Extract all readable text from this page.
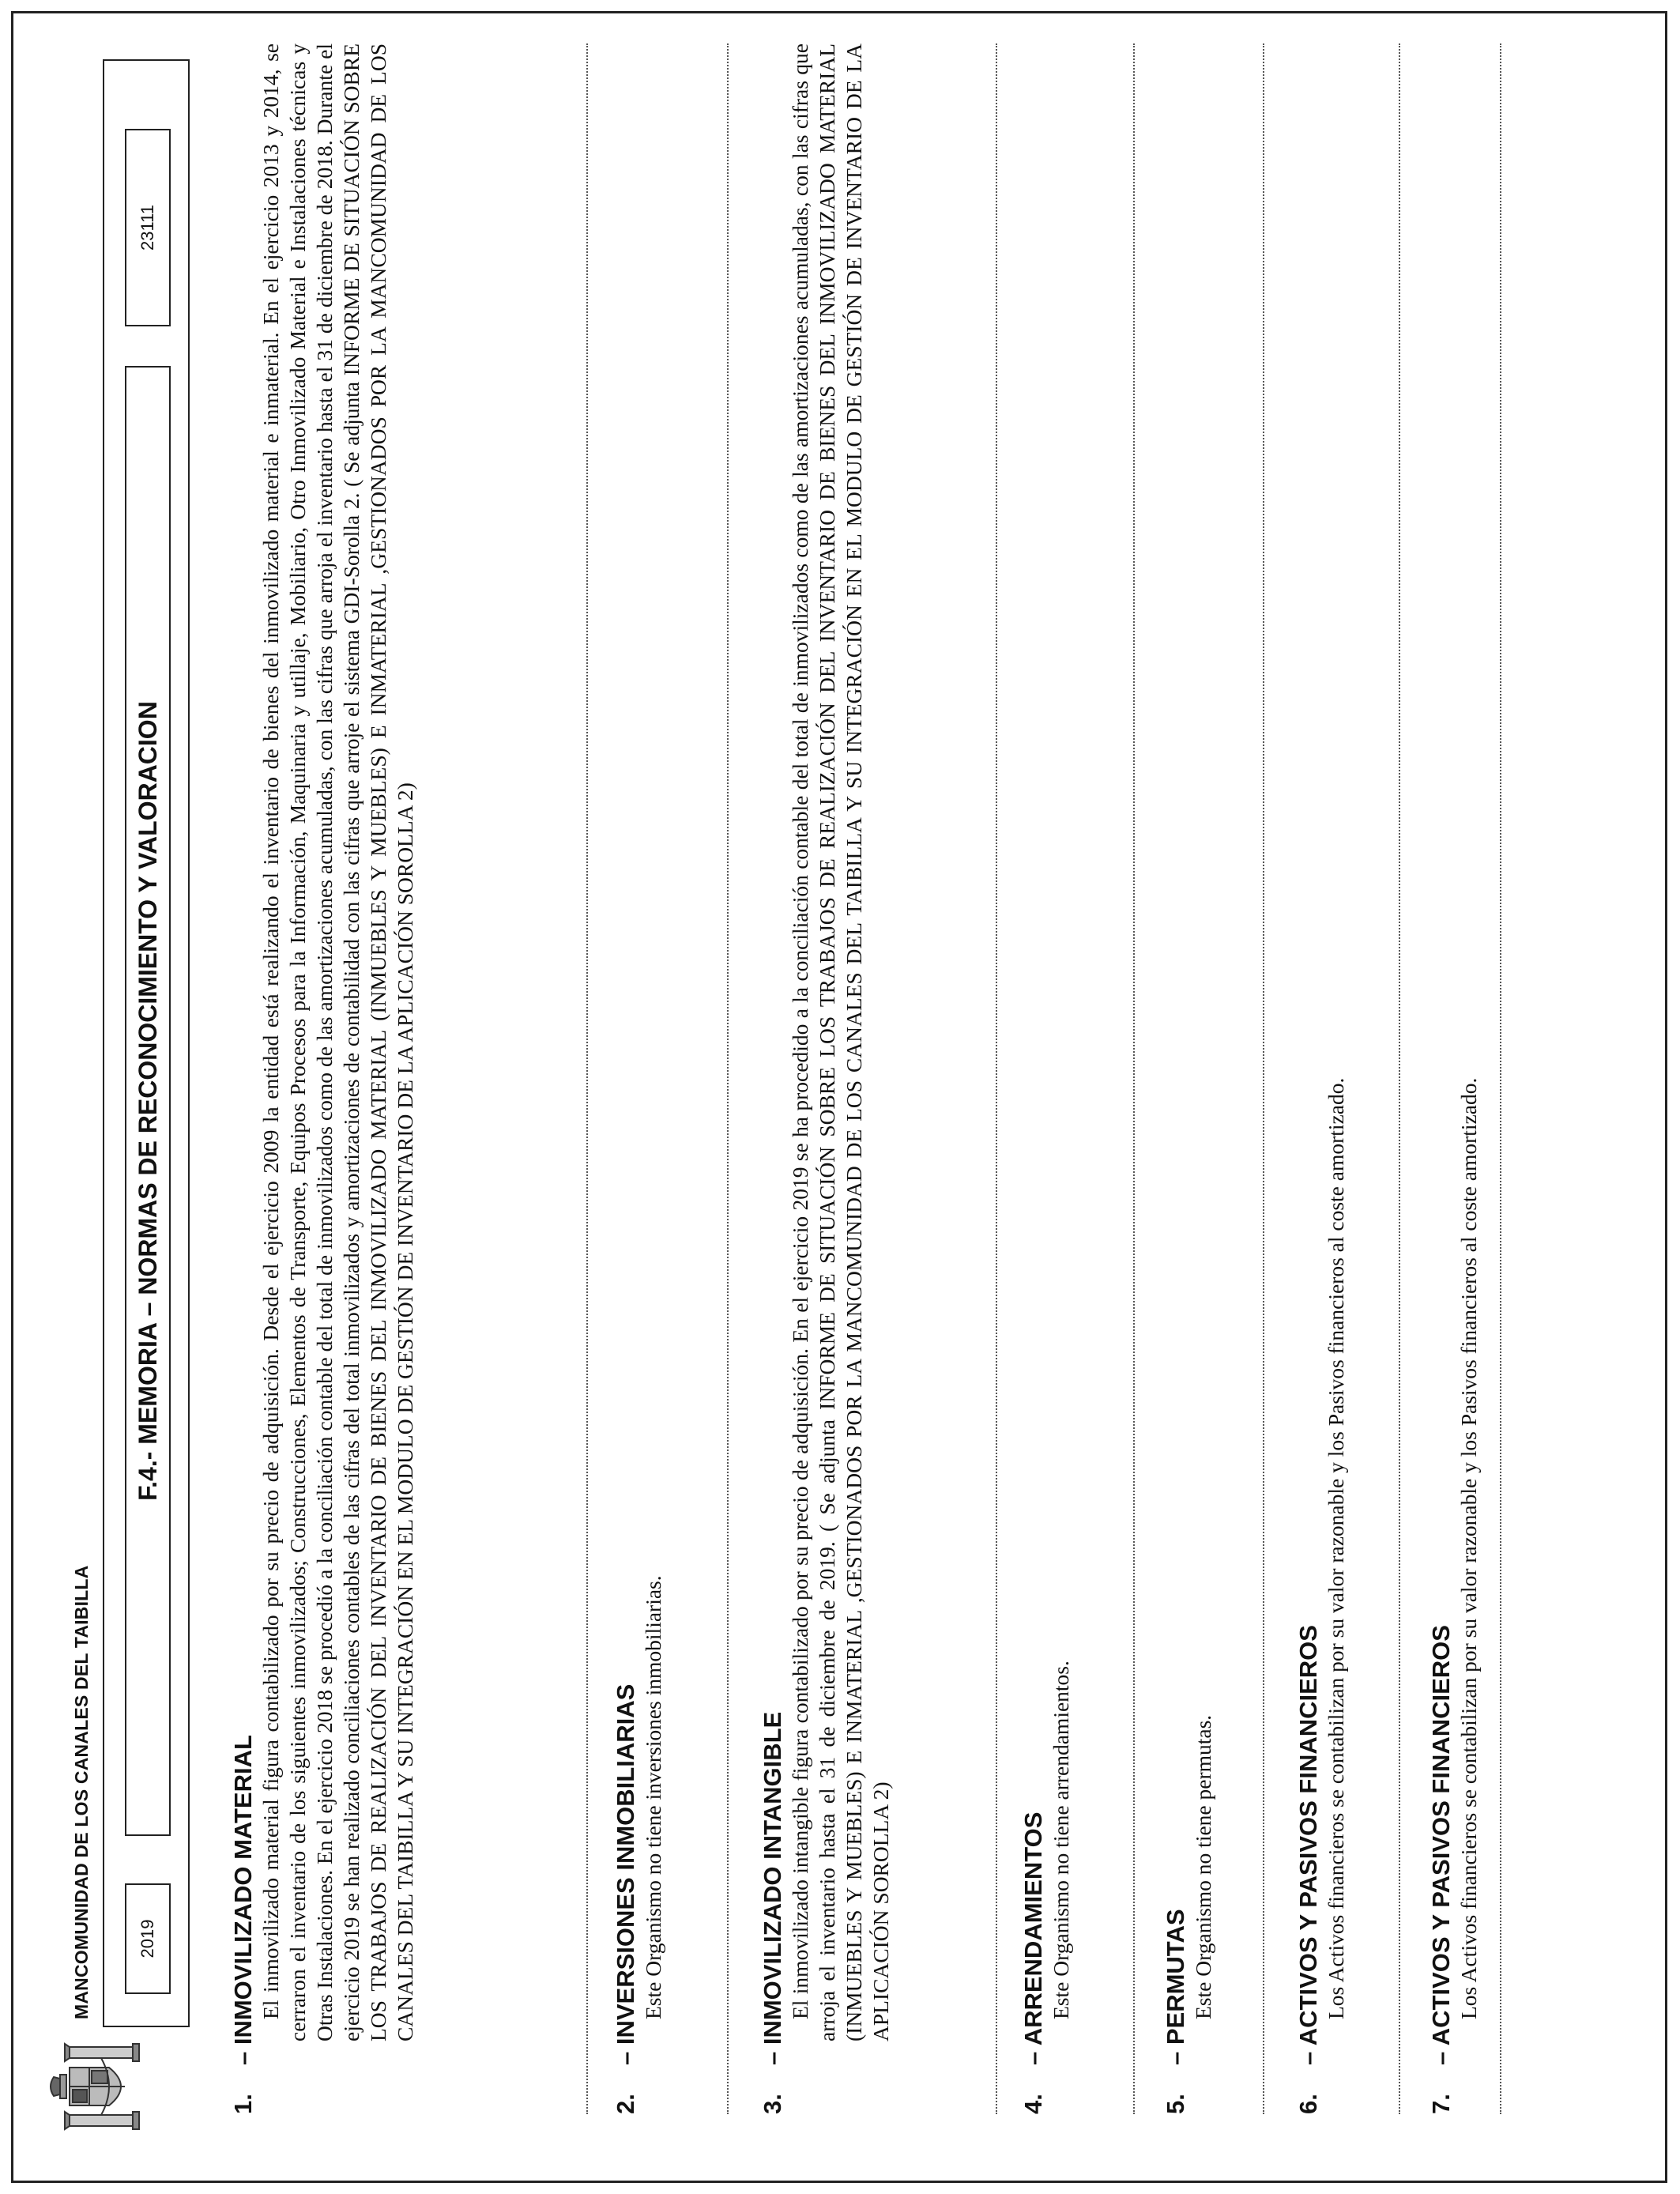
MANCOMUNIDAD DE LOS CANALES DEL TAIBILLA	2019
F.4.- MEMORIA – NORMAS DE RECONOCIMIENTO Y VALORACION
23111
1.
– INMOVILIZADO MATERIAL El inmovilizado material figura contabilizado por su precio de adquisición. Desde el ejercicio 2009 la entidad está realizando el inventario de bienes del inmovilizado material e inmaterial. En el ejercicio 2013 y 2014, se cerraron el inventario de los siguientes inmovilizados; Construcciones, Elementos de Transporte, Equipos Procesos para la Información, Maquinaria y utillaje, Mobiliario, Otro Inmovilizado Material e Instalaciones técnicas y Otras Instalaciones. En el ejercicio 2018 se procedió a la conciliación contable del total de inmovilizados como de las amortizaciones acumuladas, con las cifras que arroja el inventario hasta el 31 de diciembre de 2018. Durante el ejercicio 2019 se han realizado conciliaciones contables de las cifras del total inmovilizados y amortizaciones de contabilidad con las cifras que arroje el sistema GDI-Sorolla 2. ( Se adjunta INFORME DE SITUACIÓN SOBRE LOS TRABAJOS DE REALIZACIÓN DEL INVENTARIO DE BIENES DEL INMOVILIZADO MATERIAL (INMUEBLES Y MUEBLES) E INMATERIAL ,GESTIONADOS POR LA MANCOMUNIDAD DE LOS CANALES DEL TAIBILLA Y SU INTEGRACIÓN EN EL MODULO DE GESTIÓN DE INVENTARIO DE LA APLICACIÓN SOROLLA 2)
2.
– INVERSIONES INMOBILIARIAS Este Organismo no tiene inversiones inmobiliarias.
3.
– INMOVILIZADO INTANGIBLE El inmovilizado intangible figura contabilizado por su precio de adquisición. En el ejercicio 2019 se ha procedido a la conciliación contable del total de inmovilizados como de las amortizaciones acumuladas, con las cifras que arroja el inventario hasta el 31 de diciembre de 2019. ( Se adjunta INFORME DE SITUACIÓN SOBRE LOS TRABAJOS DE REALIZACIÓN DEL INVENTARIO DE BIENES DEL INMOVILIZADO MATERIAL (INMUEBLES Y MUEBLES) E INMATERIAL ,GESTIONADOS POR LA MANCOMUNIDAD DE LOS CANALES DEL TAIBILLA Y SU INTEGRACIÓN EN EL MODULO DE GESTIÓN DE INVENTARIO DE LA APLICACIÓN SOROLLA 2)
4.
– ARRENDAMIENTOS Este Organismo no tiene arrendamientos.
5.
– PERMUTAS Este Organismo no tiene permutas.
6.
– ACTIVOS Y PASIVOS FINANCIEROS Los Activos financieros se contabilizan por su valor razonable y los Pasivos financieros al coste amortizado.
7.
– ACTIVOS Y PASIVOS FINANCIEROS Los Activos financieros se contabilizan por su valor razonable y los Pasivos financieros al coste amortizado.
